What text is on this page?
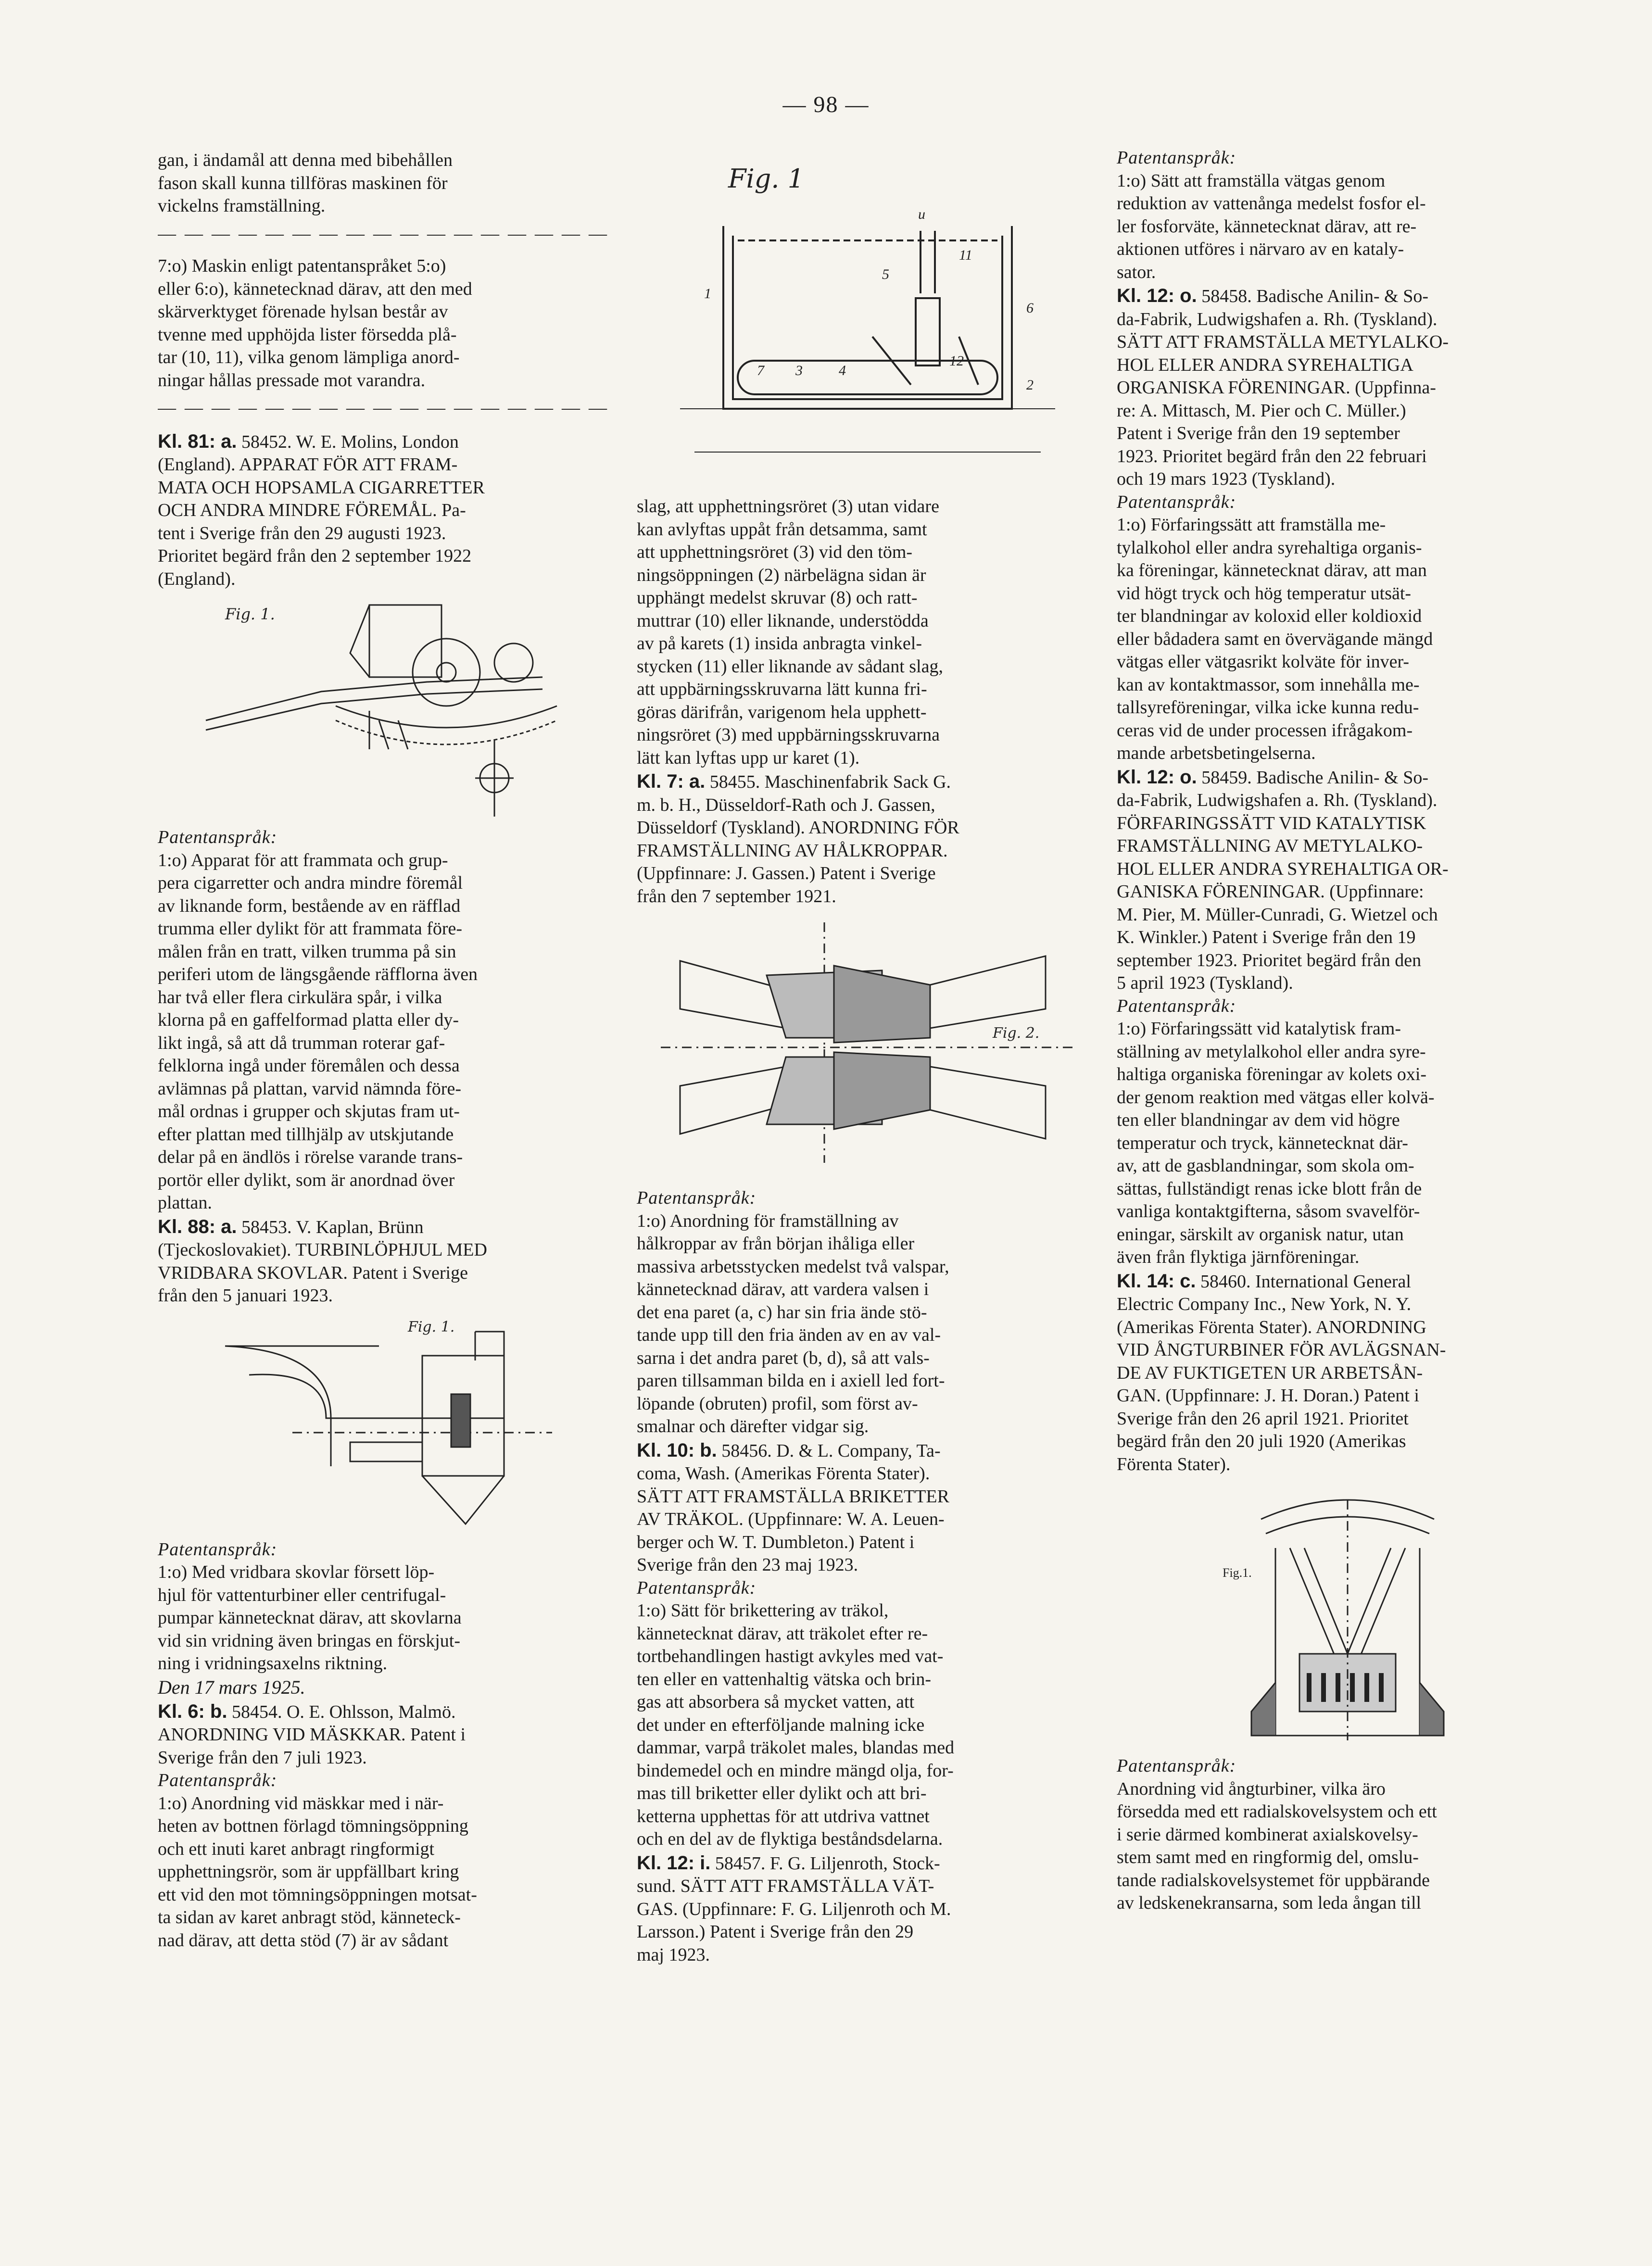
— 98 —

gan, i ändamål att denna med bibehållen
fason skall kunna tillföras maskinen för
vickelns framställning.

—————————————————

7:o) Maskin enligt patentanspråket 5:o)
eller 6:o), kännetecknad därav, att den med
skärverktyget förenade hylsan består av
tvenne med upphöjda lister försedda plå-
tar (10, 11), vilka genom lämpliga anord-
ningar hållas pressade mot varandra.

—————————————————

Kl. 81: a. 58452. W. E. Molins, London
(England). APPARAT FÖR ATT FRAM-
MATA OCH HOPSAMLA CIGARRETTER
OCH ANDRA MINDRE FÖREMÅL. Pa-
tent i Sverige från den 29 augusti 1923.
Prioritet begärd från den 2 september 1922
(England).

Fig. 1.

Patentanspråk:

1:o) Apparat för att frammata och grup-
pera cigarretter och andra mindre föremål
av liknande form, bestående av en räfflad
trumma eller dylikt för att frammata före-
målen från en tratt, vilken trumma på sin
periferi utom de längsgående räfflorna även
har två eller flera cirkulära spår, i vilka
klorna på en gaffelformad platta eller dy-
likt ingå, så att då trumman roterar gaf-
felklorna ingå under föremålen och dessa
avlämnas på plattan, varvid nämnda före-
mål ordnas i grupper och skjutas fram ut-
efter plattan med tillhjälp av utskjutande
delar på en ändlös i rörelse varande trans-
portör eller dylikt, som är anordnad över
plattan.

Kl. 88: a. 58453. V. Kaplan, Brünn
(Tjeckoslovakiet). TURBINLÖPHJUL MED
VRIDBARA SKOVLAR. Patent i Sverige
från den 5 januari 1923.

Fig. 1.

Patentanspråk:

1:o) Med vridbara skovlar försett löp-
hjul för vattenturbiner eller centrifugal-
pumpar kännetecknat därav, att skovlarna
vid sin vridning även bringas en förskjut-
ning i vridningsaxelns riktning.

Den 17 mars 1925.

Kl. 6: b. 58454. O. E. Ohlsson, Malmö.
ANORDNING VID MÄSKKAR. Patent i
Sverige från den 7 juli 1923.

Patentanspråk:

1:o) Anordning vid mäskkar med i när-
heten av bottnen förlagd tömningsöppning
och ett inuti karet anbragt ringformigt
upphettningsrör, som är uppfällbart kring
ett vid den mot tömningsöppningen motsat-
ta sidan av karet anbragt stöd, känneteck-
nad därav, att detta stöd (7) är av sådant

Fig. 1
u
11
5
1
6
7 3	4
12
2

slag, att upphettningsröret (3) utan vidare
kan avlyftas uppåt från detsamma, samt
att upphettningsröret (3) vid den töm-
ningsöppningen (2) närbelägna sidan är
upphängt medelst skruvar (8) och ratt-
muttrar (10) eller liknande, understödda
av på karets (1) insida anbragta vinkel-
stycken (11) eller liknande av sådant slag,
att uppbärningsskruvarna lätt kunna fri-
göras därifrån, varigenom hela upphett-
ningsröret (3) med uppbärningsskruvarna
lätt kan lyftas upp ur karet (1).

Kl. 7: a. 58455. Maschinenfabrik Sack G.
m. b. H., Düsseldorf-Rath och J. Gassen,
Düsseldorf (Tyskland). ANORDNING FÖR
FRAMSTÄLLNING AV HÅLKROPPAR.
(Uppfinnare: J. Gassen.) Patent i Sverige
från den 7 september 1921.

Fig. 2.

Patentanspråk:

1:o) Anordning för framställning av
hålkroppar av från början ihåliga eller
massiva arbetsstycken medelst två valspar,
kännetecknad därav, att vardera valsen i
det ena paret (a, c) har sin fria ände stö-
tande upp till den fria änden av en av val-
sarna i det andra paret (b, d), så att vals-
paren tillsamman bilda en i axiell led fort-
löpande (obruten) profil, som först av-
smalnar och därefter vidgar sig.

Kl. 10: b. 58456. D. & L. Company, Ta-
coma, Wash. (Amerikas Förenta Stater).
SÄTT ATT FRAMSTÄLLA BRIKETTER
AV TRÄKOL. (Uppfinnare: W. A. Leuen-
berger och W. T. Dumbleton.) Patent i
Sverige från den 23 maj 1923.

Patentanspråk:

1:o) Sätt för brikettering av träkol,
kännetecknat därav, att träkolet efter re-
tortbehandlingen hastigt avkyles med vat-
ten eller en vattenhaltig vätska och brin-
gas att absorbera så mycket vatten, att
det under en efterföljande malning icke
dammar, varpå träkolet males, blandas med
bindemedel och en mindre mängd olja, for-
mas till briketter eller dylikt och att bri-
ketterna upphettas för att utdriva vattnet
och en del av de flyktiga beståndsdelarna.

Kl. 12: i. 58457. F. G. Liljenroth, Stock-
sund. SÄTT ATT FRAMSTÄLLA VÄT-
GAS. (Uppfinnare: F. G. Liljenroth och M.
Larsson.) Patent i Sverige från den 29
maj 1923.

Patentanspråk:

1:o) Sätt att framställa vätgas genom
reduktion av vattenånga medelst fosfor el-
ler fosforväte, kännetecknat därav, att re-
aktionen utföres i närvaro av en kataly-
sator.

Kl. 12: o. 58458. Badische Anilin- & So-
da-Fabrik, Ludwigshafen a. Rh. (Tyskland).
SÄTT ATT FRAMSTÄLLA METYLALKO-
HOL ELLER ANDRA SYREHALTIGA
ORGANISKA FÖRENINGAR. (Uppfinna-
re: A. Mittasch, M. Pier och C. Müller.)
Patent i Sverige från den 19 september
1923. Prioritet begärd från den 22 februari
och 19 mars 1923 (Tyskland).

Patentanspråk:

1:o) Förfaringssätt att framställa me-
tylalkohol eller andra syrehaltiga organis-
ka föreningar, kännetecknat därav, att man
vid högt tryck och hög temperatur utsät-
ter blandningar av koloxid eller koldioxid
eller bådadera samt en övervägande mängd
vätgas eller vätgasrikt kolväte för inver-
kan av kontaktmassor, som innehålla me-
tallsyreföreningar, vilka icke kunna redu-
ceras vid de under processen ifrågakom-
mande arbetsbetingelserna.

Kl. 12: o. 58459. Badische Anilin- & So-
da-Fabrik, Ludwigshafen a. Rh. (Tyskland).
FÖRFARINGSSÄTT VID KATALYTISK
FRAMSTÄLLNING AV METYLALKO-
HOL ELLER ANDRA SYREHALTIGA OR-
GANISKA FÖRENINGAR. (Uppfinnare:
M. Pier, M. Müller-Cunradi, G. Wietzel och
K. Winkler.) Patent i Sverige från den 19
september 1923. Prioritet begärd från den
5 april 1923 (Tyskland).

Patentanspråk:

1:o) Förfaringssätt vid katalytisk fram-
ställning av metylalkohol eller andra syre-
haltiga organiska föreningar av kolets oxi-
der genom reaktion med vätgas eller kolvä-
ten eller blandningar av dem vid högre
temperatur och tryck, kännetecknat där-
av, att de gasblandningar, som skola om-
sättas, fullständigt renas icke blott från de
vanliga kontaktgifterna, såsom svavelför-
eningar, särskilt av organisk natur, utan
även från flyktiga järnföreningar.

Kl. 14: c. 58460. International General
Electric Company Inc., New York, N. Y.
(Amerikas Förenta Stater). ANORDNING
VID ÅNGTURBINER FÖR AVLÄGSNAN-
DE AV FUKTIGETEN UR ARBETSÅN-
GAN. (Uppfinnare: J. H. Doran.) Patent i
Sverige från den 26 april 1921. Prioritet
begärd från den 20 juli 1920 (Amerikas
Förenta Stater).

Fig.1.

Patentanspråk:

Anordning vid ångturbiner, vilka äro
försedda med ett radialskovelsystem och ett
i serie därmed kombinerat axialskovelsy-
stem samt med en ringformig del, omslu-
tande radialskovelsystemet för uppbärande
av ledskenekransarna, som leda ångan till
